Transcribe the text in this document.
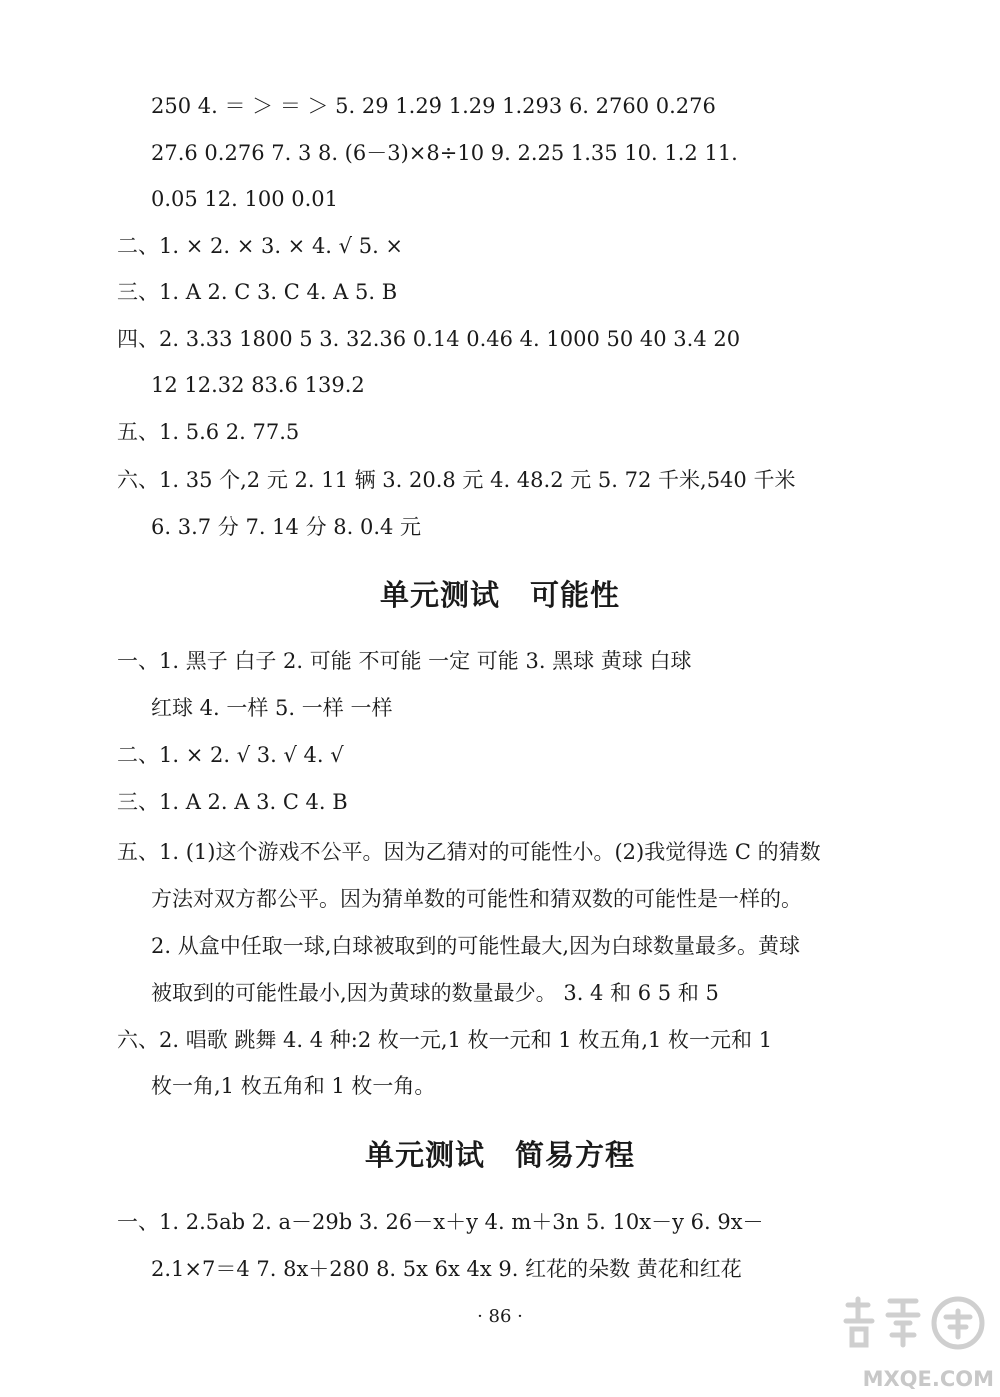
250 4. ＝ ＞ ＝ ＞ 5. 29 1.29̇ 1.29 1.293 6. 2760 0.276
27.6 0.276 7. 3 8. (6－3)×8÷10 9. 2.25 1.35 10. 1.2 11.
0.05 12. 100 0.01
二、1. × 2. × 3. × 4. √ 5. ×
三、1. A 2. C 3. C 4. A 5. B
四、2. 3.33 1800 5 3. 32.36 0.14 0.46 4. 1000 50 40 3.4 20
12 12.32 83.6 139.2
五、1. 5.6 2. 77.5
六、1. 35 个,2 元 2. 11 辆 3. 20.8 元 4. 48.2 元 5. 72 千米,540 千米
6. 3.7 分 7. 14 分 8. 0.4 元
单元测试　可能性
一、1. 黑子 白子 2. 可能 不可能 一定 可能 3. 黑球 黄球 白球
红球 4. 一样 5. 一样 一样
二、1. × 2. √ 3. √ 4. √
三、1. A 2. A 3. C 4. B
五、1. (1)这个游戏不公平。因为乙猜对的可能性小。(2)我觉得选 C 的猜数
方法对双方都公平。因为猜单数的可能性和猜双数的可能性是一样的。
2. 从盒中任取一球,白球被取到的可能性最大,因为白球数量最多。黄球
被取到的可能性最小,因为黄球的数量最少。 3. 4 和 6 5 和 5
六、2. 唱歌 跳舞 4. 4 种:2 枚一元,1 枚一元和 1 枚五角,1 枚一元和 1
枚一角,1 枚五角和 1 枚一角。
单元测试　简易方程
一、1. 2.5ab 2. a－29b 3. 26－x＋y 4. m＋3n 5. 10x－y 6. 9x－
2.1×7＝4 7. 8x＋280 8. 5x 6x 4x 9. 红花的朵数 黄花和红花
· 86 ·
MXQE.COM
